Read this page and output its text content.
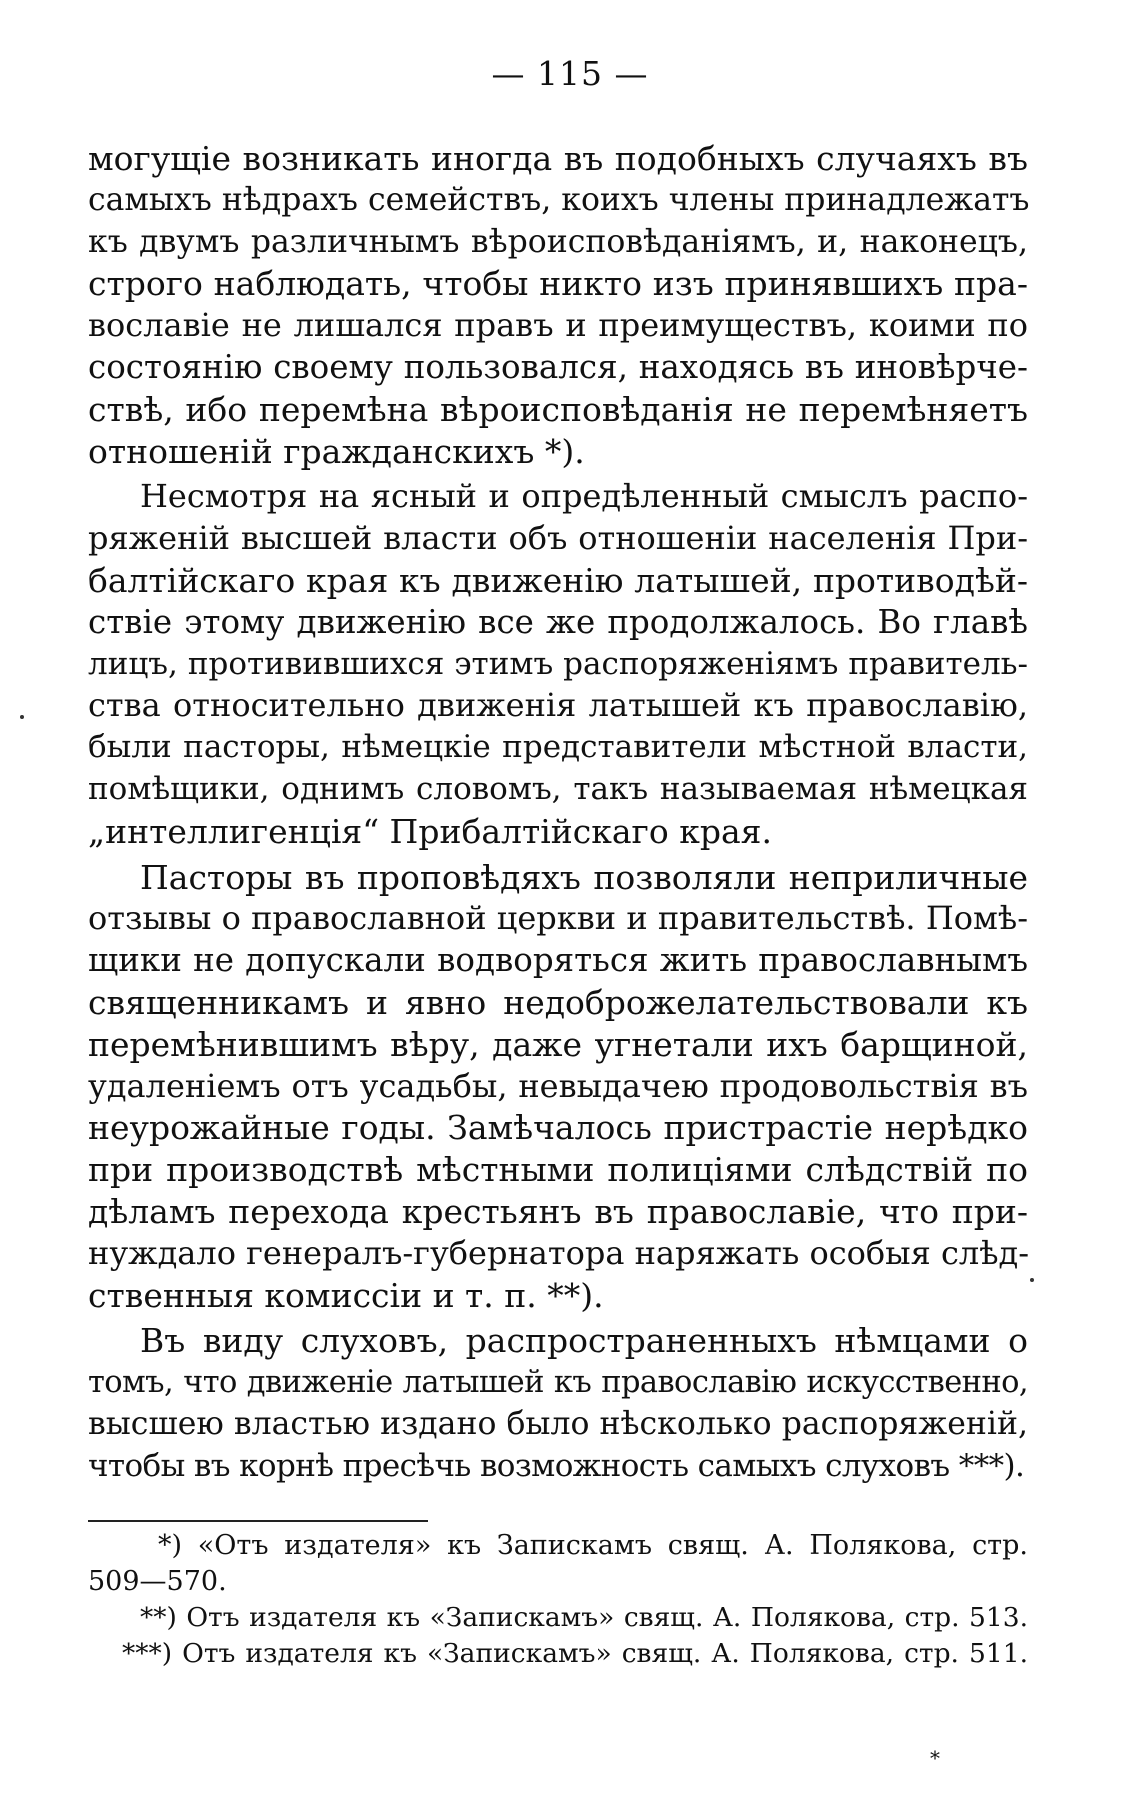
— 115 —
могущіе возникать иногда въ подобныхъ случаяхъ въ
самыхъ нѣдрахъ семействъ, коихъ члены принадлежатъ
къ двумъ различнымъ вѣроисповѣданіямъ, и, наконецъ,
строго наблюдать, чтобы никто изъ принявшихъ пра-
вославіе не лишался правъ и преимуществъ, коими по
состоянію своему пользовался, находясь въ иновѣрче-
ствѣ, ибо перемѣна вѣроисповѣданія не перемѣняетъ
отношеній гражданскихъ *).
Несмотря на ясный и опредѣленный смыслъ распо-
ряженій высшей власти объ отношеніи населенія При-
балтійскаго края къ движенію латышей, противодѣй-
ствіе этому движенію все же продолжалось. Во главѣ
лицъ, противившихся этимъ распоряженіямъ правитель-
ства относительно движенія латышей къ православію,
были пасторы, нѣмецкіе представители мѣстной власти,
помѣщики, однимъ словомъ, такъ называемая нѣмецкая
„интеллигенція“ Прибалтійскаго края.
Пасторы въ проповѣдяхъ позволяли неприличные
отзывы о православной церкви и правительствѣ. Помѣ-
щики не допускали водворяться жить православнымъ
священникамъ и явно недоброжелательствовали къ
перемѣнившимъ вѣру, даже угнетали ихъ барщиной,
удаленіемъ отъ усадьбы, невыдачею продовольствія въ
неурожайные годы. Замѣчалось пристрастіе нерѣдко
при производствѣ мѣстными полиціями слѣдствій по
дѣламъ перехода крестьянъ въ православіе, что при-
нуждало генералъ-губернатора наряжать особыя слѣд-
ственныя комиссіи и т. п. **).
Въ виду слуховъ, распространенныхъ нѣмцами о
томъ, что движеніе латышей къ православію искусственно,
высшею властью издано было нѣсколько распоряженій,
чтобы въ корнѣ пресѣчь возможность самыхъ слуховъ ***).
*) «Отъ издателя» къ Запискамъ свящ. А. Полякова, стр.
509—570.
**) Отъ издателя къ «Запискамъ» свящ. А. Полякова, стр. 513.
***) Отъ издателя къ «Запискамъ» свящ. А. Полякова, стр. 511.
*
